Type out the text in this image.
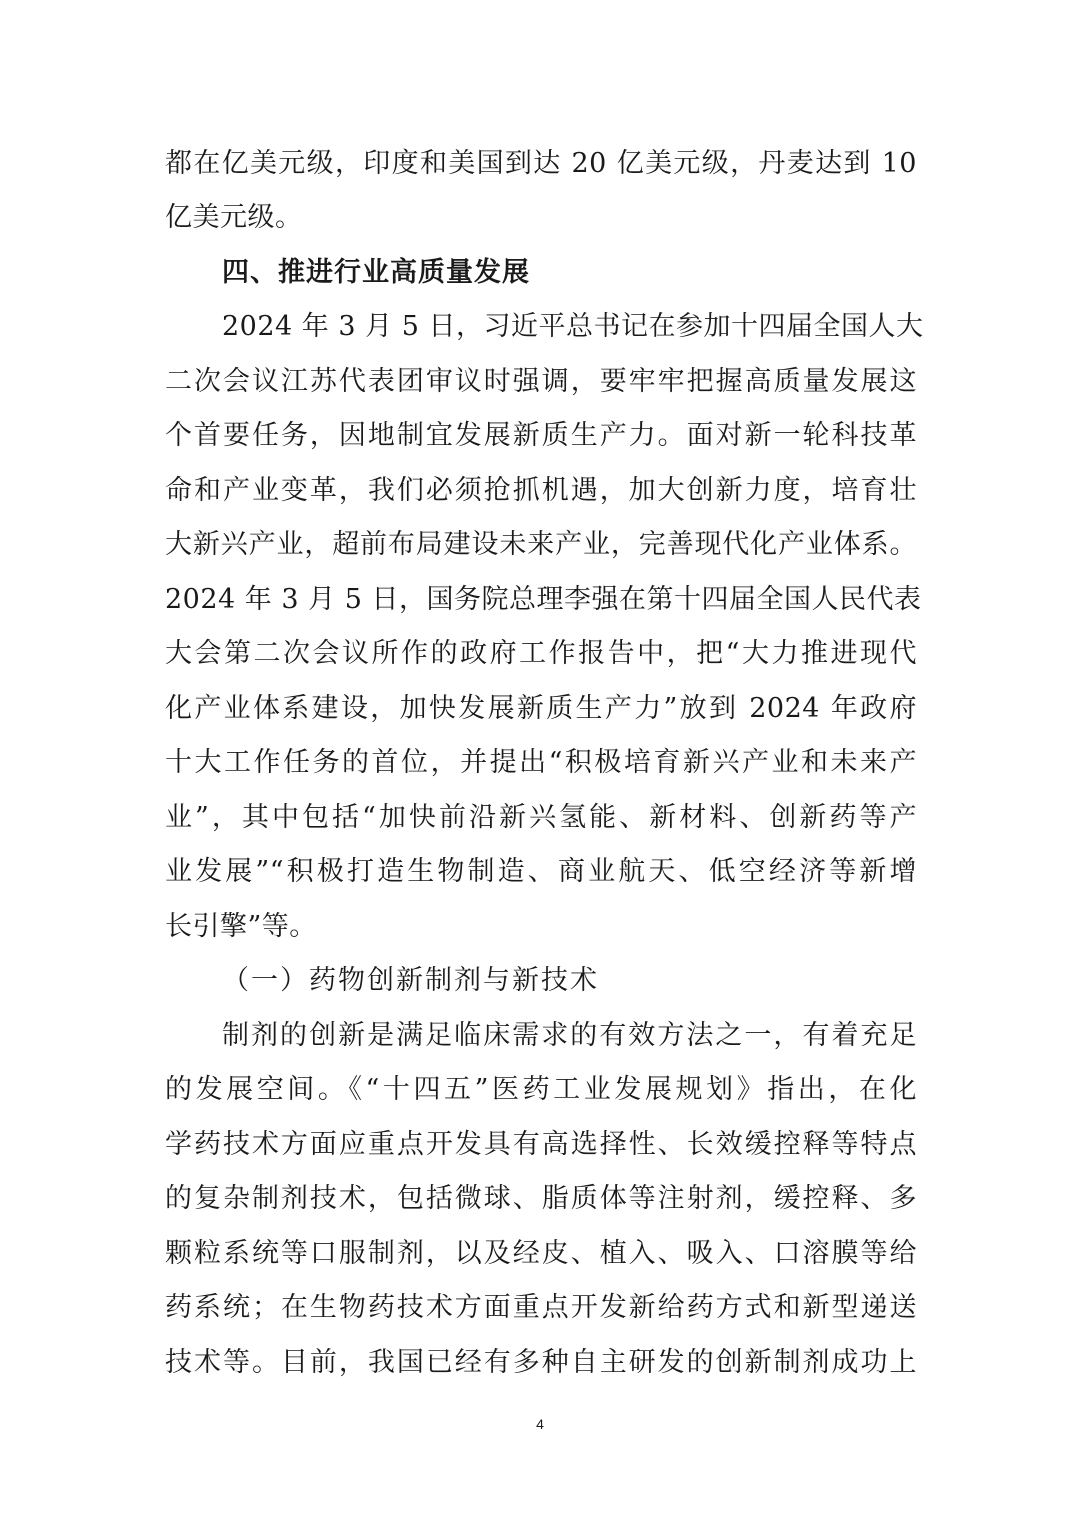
都在亿美元级，印度和美国到达 20 亿美元级，丹麦达到 10
亿美元级。
四、推进行业高质量发展
2024 年 3 月 5 日，习近平总书记在参加十四届全国人大
二次会议江苏代表团审议时强调，要牢牢把握高质量发展这
个首要任务，因地制宜发展新质生产力。面对新一轮科技革
命和产业变革，我们必须抢抓机遇，加大创新力度，培育壮
大新兴产业，超前布局建设未来产业，完善现代化产业体系。
2024 年 3 月 5 日，国务院总理李强在第十四届全国人民代表
大会第二次会议所作的政府工作报告中，把“大力推进现代
化产业体系建设，加快发展新质生产力”放到 2024 年政府
十大工作任务的首位，并提出“积极培育新兴产业和未来产
业”，其中包括“加快前沿新兴氢能、新材料、创新药等产
业发展”“积极打造生物制造、商业航天、低空经济等新增
长引擎”等。
（一）药物创新制剂与新技术
制剂的创新是满足临床需求的有效方法之一，有着充足
的发展空间。《“十四五”医药工业发展规划》指出，在化
学药技术方面应重点开发具有高选择性、长效缓控释等特点
的复杂制剂技术，包括微球、脂质体等注射剂，缓控释、多
颗粒系统等口服制剂，以及经皮、植入、吸入、口溶膜等给
药系统；在生物药技术方面重点开发新给药方式和新型递送
技术等。目前，我国已经有多种自主研发的创新制剂成功上
4
